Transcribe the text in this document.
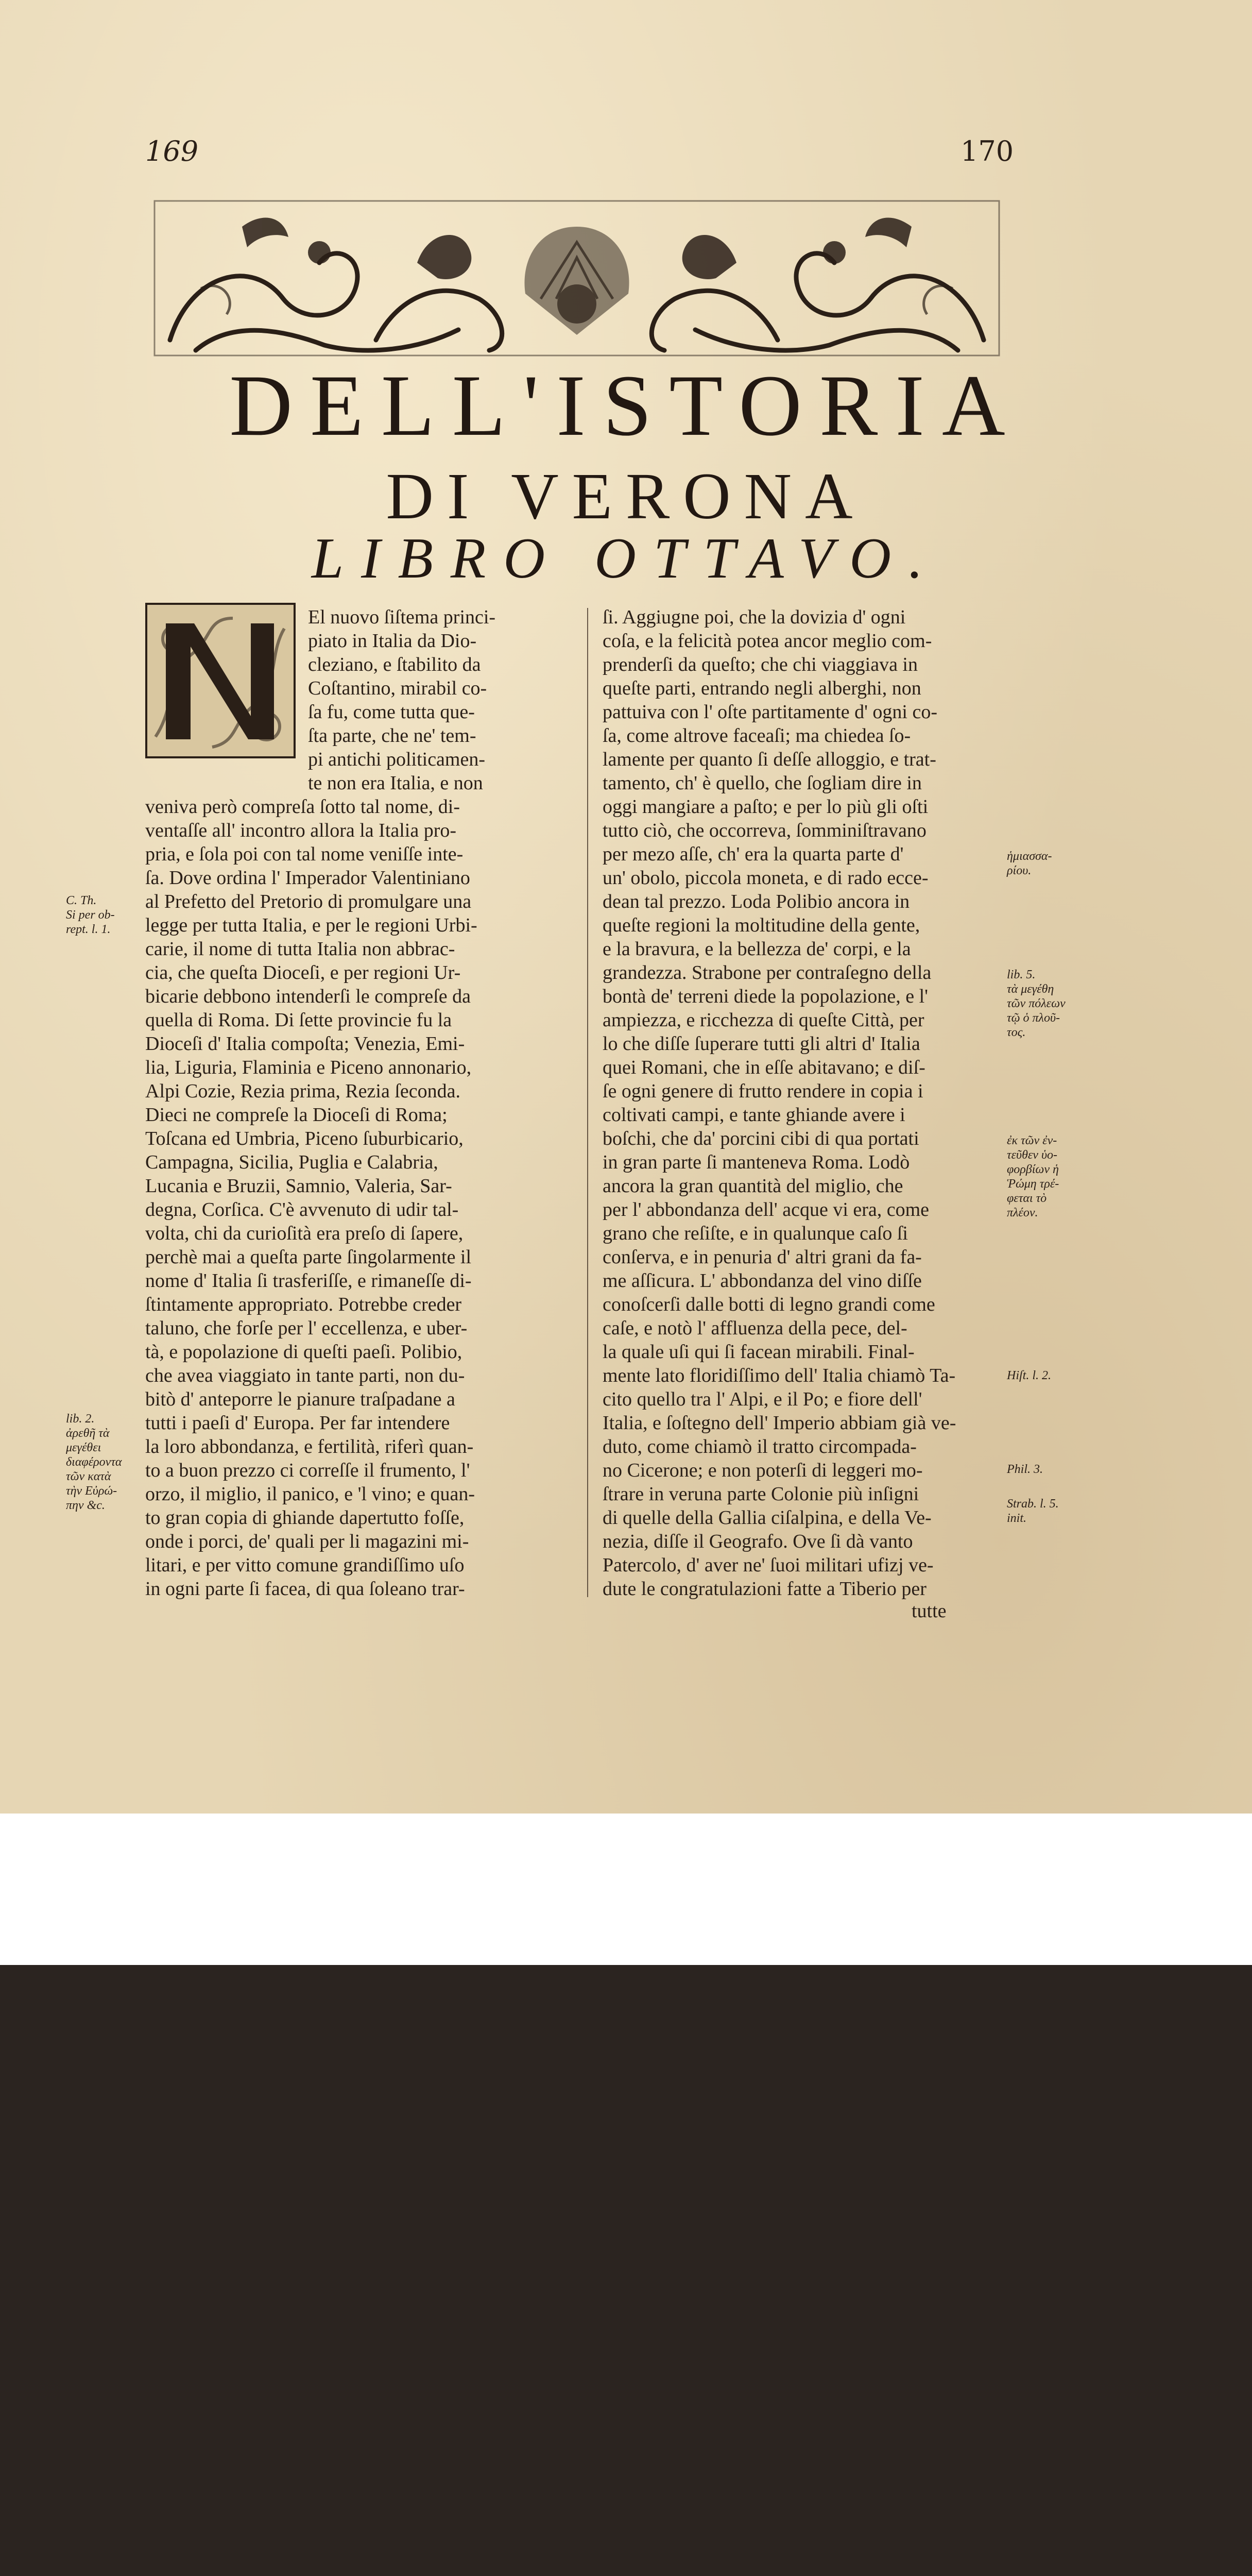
169	170
DELL'ISTORIA
DI VERONA
LIBRO OTTAVO.
El nuovo ſiſtema princi-
piato in Italia da Dio-
cleziano, e ſtabilito da
Coſtantino, mirabil co-
ſa fu, come tutta que-
ſta parte, che ne' tem-
pi antichi politicamen-
te non era Italia, e non
veniva però compreſa ſotto tal nome, di-
ventaſſe all' incontro allora la Italia pro-
pria, e ſola poi con tal nome veniſſe inte-
ſa. Dove ordina l' Imperador Valentiniano
al Prefetto del Pretorio di promulgare una
legge per tutta Italia, e per le regioni Urbi-
carie, il nome di tutta Italia non abbrac-
cia, che queſta Dioceſi, e per regioni Ur-
bicarie debbono intenderſi le compreſe da
quella di Roma. Di ſette provincie fu la
Dioceſi d' Italia compoſta; Venezia, Emi-
lia, Liguria, Flaminia e Piceno annonario,
Alpi Cozie, Rezia prima, Rezia ſeconda.
Dieci ne compreſe la Dioceſi di Roma;
Toſcana ed Umbria, Piceno ſuburbicario,
Campagna, Sicilia, Puglia e Calabria,
Lucania e Bruzii, Samnio, Valeria, Sar-
degna, Corſica. C'è avvenuto di udir tal-
volta, chi da curioſità era preſo di ſapere,
perchè mai a queſta parte ſingolarmente il
nome d' Italia ſi trasferiſſe, e rimaneſſe di-
ſtintamente appropriato. Potrebbe creder
taluno, che forſe per l' eccellenza, e uber-
tà, e popolazione di queſti paeſi. Polibio,
che avea viaggiato in tante parti, non du-
bitò d' anteporre le pianure traſpadane a
tutti i paeſi d' Europa. Per far intendere
la loro abbondanza, e fertilità, riferì quan-
to a buon prezzo ci correſſe il frumento, l'
orzo, il miglio, il panico, e 'l vino; e quan-
to gran copia di ghiande dapertutto foſſe,
onde i porci, de' quali per li magazini mi-
litari, e per vitto comune grandiſſimo uſo
in ogni parte ſi facea, di qua ſoleano trar-
ſi. Aggiugne poi, che la dovizia d' ogni
coſa, e la felicità potea ancor meglio com-
prenderſi da queſto; che chi viaggiava in
queſte parti, entrando negli alberghi, non
pattuiva con l' oſte partitamente d' ogni co-
ſa, come altrove faceaſi; ma chiedea ſo-
lamente per quanto ſi deſſe alloggio, e trat-
tamento, ch' è quello, che ſogliam dire in
oggi mangiare a paſto; e per lo più gli oſti
tutto ciò, che occorreva, ſomminiſtravano
per mezo aſſe, ch' era la quarta parte d'
un' obolo, piccola moneta, e di rado ecce-
dean tal prezzo. Loda Polibio ancora in
queſte regioni la moltitudine della gente,
e la bravura, e la bellezza de' corpi, e la
grandezza. Strabone per contraſegno della
bontà de' terreni diede la popolazione, e l'
ampiezza, e ricchezza di queſte Città, per
lo che diſſe ſuperare tutti gli altri d' Italia
quei Romani, che in eſſe abitavano; e diſ-
ſe ogni genere di frutto rendere in copia i
coltivati campi, e tante ghiande avere i
boſchi, che da' porcini cibi di qua portati
in gran parte ſi manteneva Roma. Lodò
ancora la gran quantità del miglio, che
per l' abbondanza dell' acque vi era, come
grano che reſiſte, e in qualunque caſo ſi
conſerva, e in penuria d' altri grani da fa-
me aſſicura. L' abbondanza del vino diſſe
conoſcerſi dalle botti di legno grandi come
caſe, e notò l' affluenza della pece, del-
la quale uſi qui ſi facean mirabili. Final-
mente lato floridiſſimo dell' Italia chiamò Ta-
cito quello tra l' Alpi, e il Po; e fiore dell'
Italia, e ſoſtegno dell' Imperio abbiam già ve-
duto, come chiamò il tratto circompada-
no Cicerone; e non poterſi di leggeri mo-
ſtrare in veruna parte Colonie più inſigni
di quelle della Gallia ciſalpina, e della Ve-
nezia, diſſe il Geografo. Ove ſi dà vanto
Patercolo, d' aver ne' ſuoi militari ufizj ve-
dute le congratulazioni fatte a Tiberio per
C. Th.
Si per ob-
rept. l. 1.
lib. 2.
ἀρεθῆ τὰ
μεγέθει
διαφέροντα
τῶν κατὰ
τὴν Εὐρώ-
πην &c.
ἡμιασσα-
ρίου.
lib. 5.
τὰ μεγέθη
τῶν πόλεων
τῷ ὁ πλοῦ-
τος.
ἐκ τῶν ἐν-
τεῦθεν ὑο-
φορβίων ἡ
Ῥώμη τρέ-
φεται τὸ
πλέον.
Hiſt. l. 2.
Phil. 3.
Strab. l. 5.
init.
tutte
